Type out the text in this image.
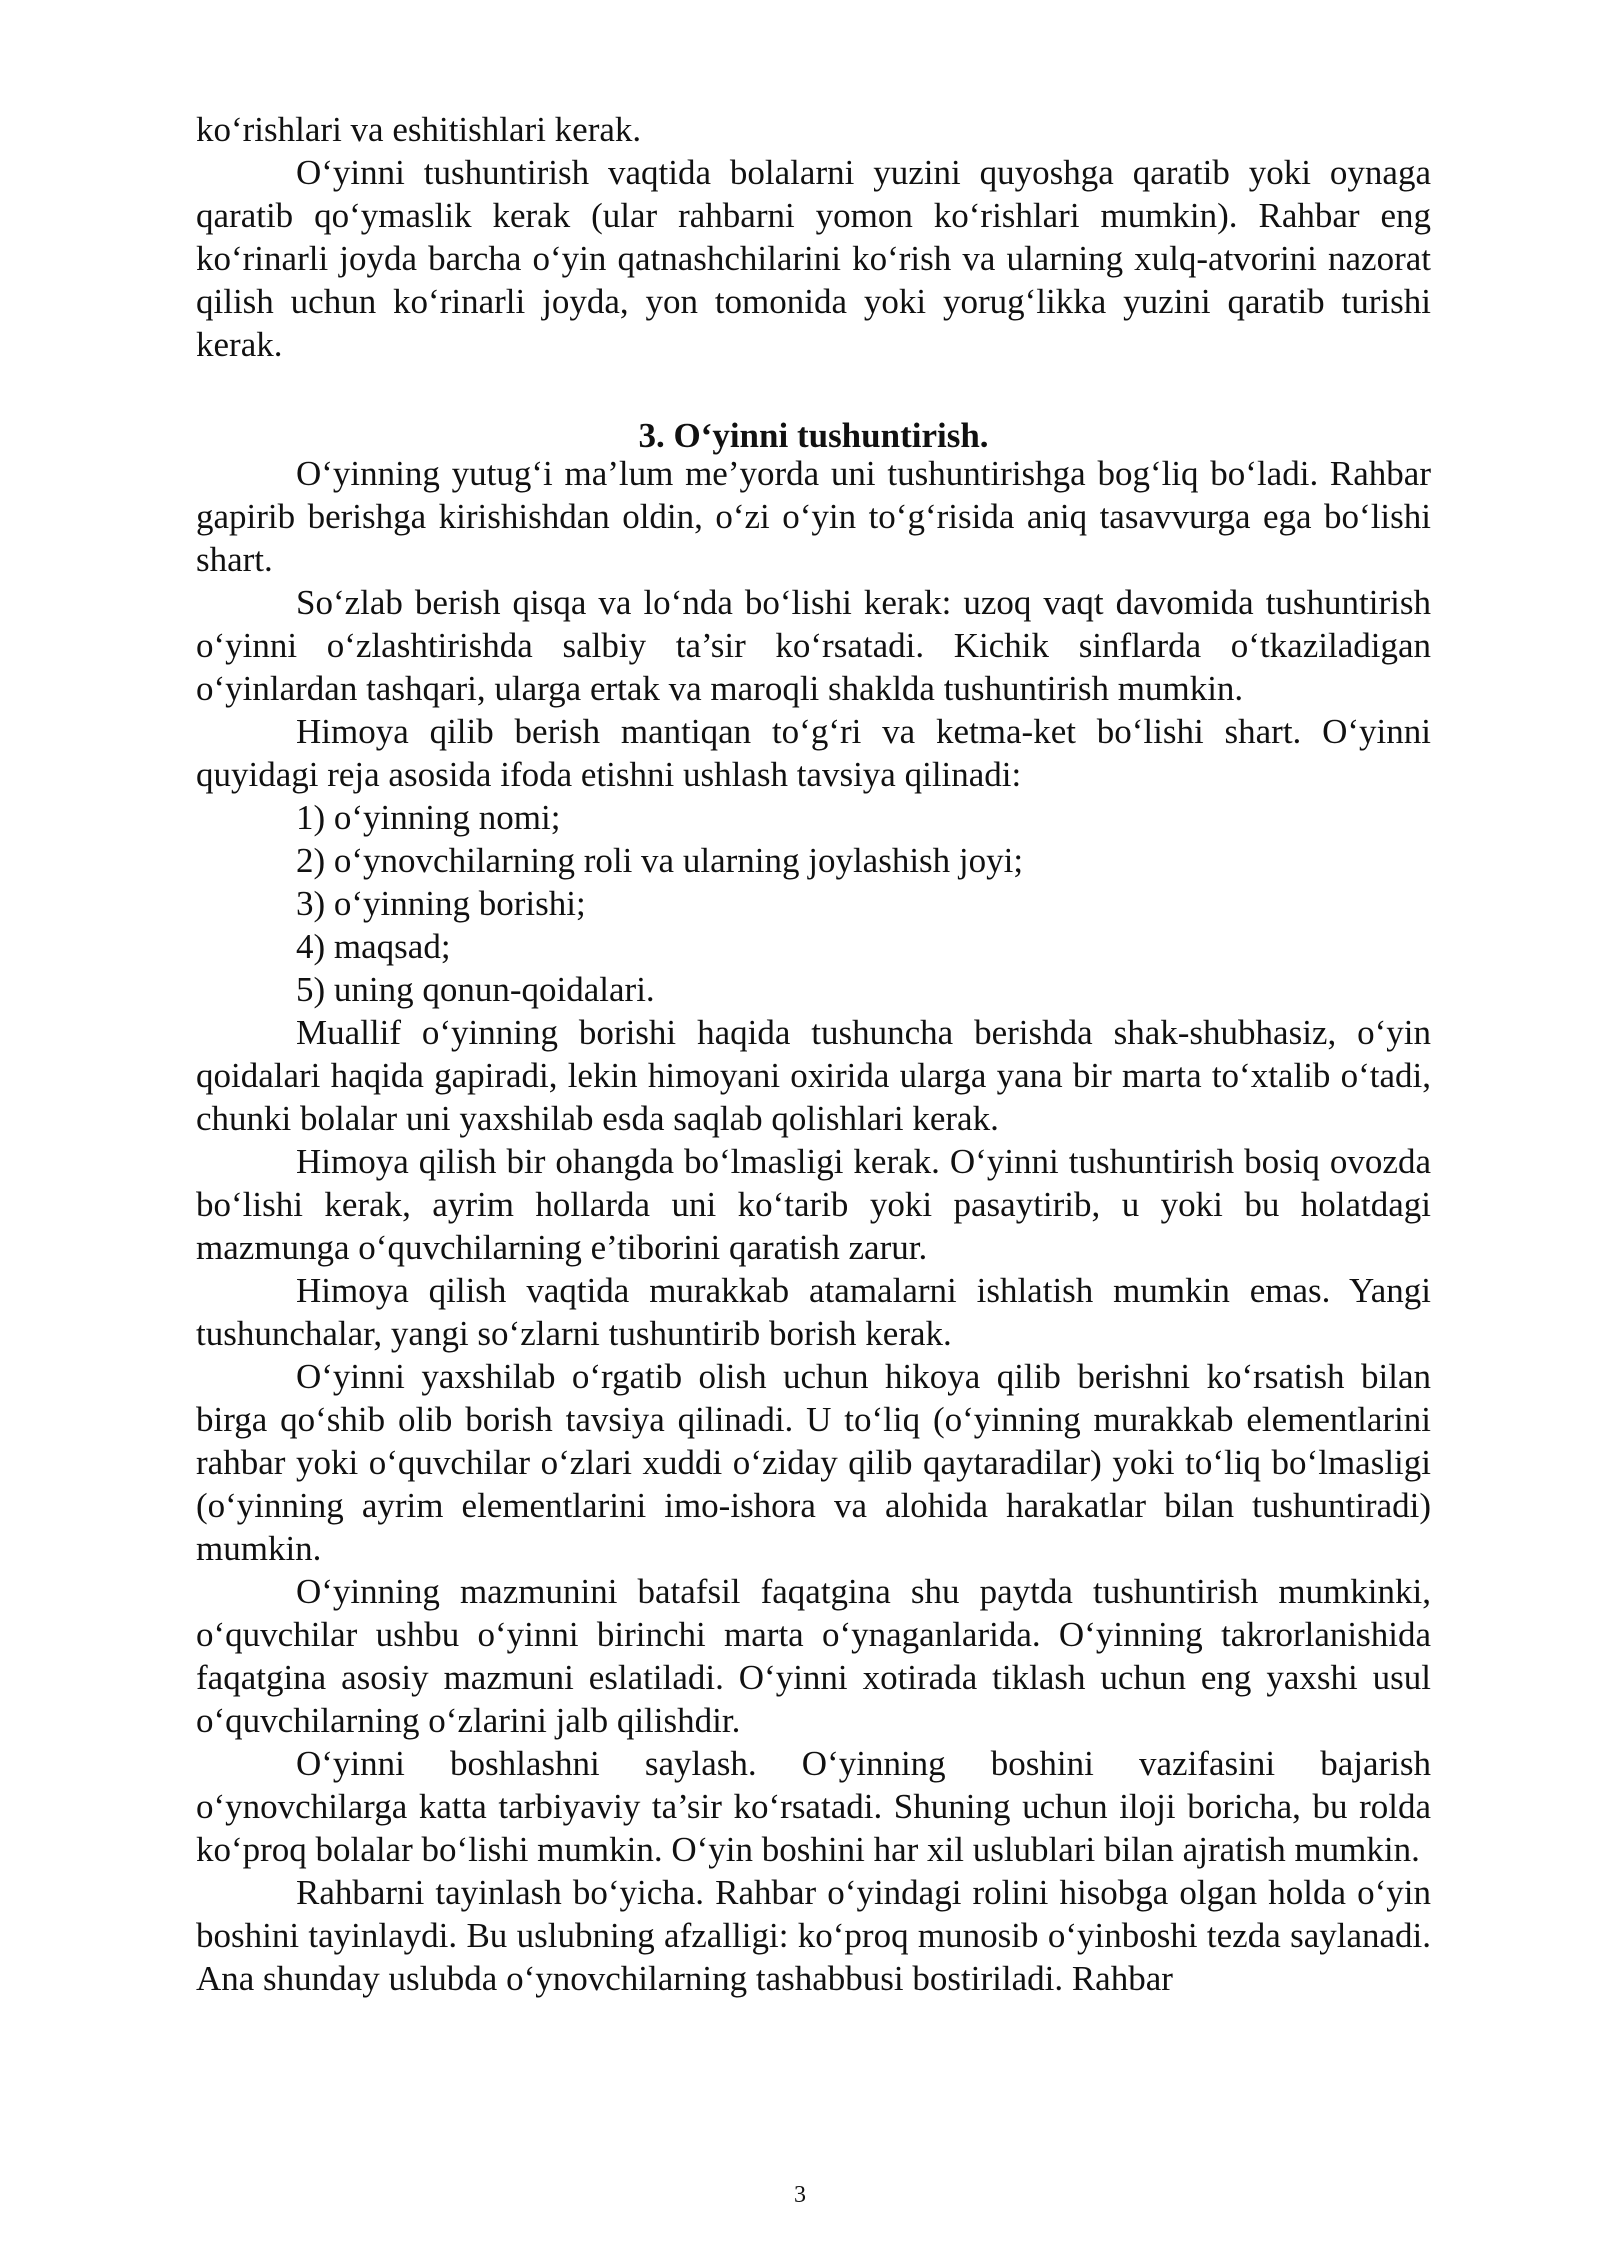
ko‘rishlari va eshitishlari kerak.

O‘yinni tushuntirish vaqtida bolalarni yuzini quyoshga qaratib yoki oynaga qaratib qo‘ymaslik kerak (ular rahbarni yomon ko‘rishlari mumkin). Rahbar eng ko‘rinarli joyda barcha o‘yin qatnashchilarini ko‘rish va ularning xulq-atvorini nazorat qilish uchun ko‘rinarli joyda, yon tomonida yoki yorug‘likka yuzini qaratib turishi kerak.

3. O‘yinni tushuntirish.

O‘yinning yutug‘i ma’lum me’yorda uni tushuntirishga bog‘liq bo‘ladi. Rahbar gapirib berishga kirishishdan oldin, o‘zi o‘yin to‘g‘risida aniq tasavvurga ega bo‘lishi shart.

So‘zlab berish qisqa va lo‘nda bo‘lishi kerak: uzoq vaqt davomida tushuntirish o‘yinni o‘zlashtirishda salbiy ta’sir ko‘rsatadi. Kichik sinflarda o‘tkaziladigan o‘yinlardan tashqari, ularga ertak va maroqli shaklda tushuntirish mumkin.

Himoya qilib berish mantiqan to‘g‘ri va ketma-ket bo‘lishi shart. O‘yinni quyidagi reja asosida ifoda etishni ushlash tavsiya qilinadi:

1) o‘yinning nomi;

2) o‘ynovchilarning roli va ularning joylashish joyi;

3) o‘yinning borishi;

4) maqsad;

5) uning qonun-qoidalari.

Muallif o‘yinning borishi haqida tushuncha berishda shak-shubhasiz, o‘yin qoidalari haqida gapiradi, lekin himoyani oxirida ularga yana bir marta to‘xtalib o‘tadi, chunki bolalar uni yaxshilab esda saqlab qolishlari kerak.

Himoya qilish bir ohangda bo‘lmasligi kerak. O‘yinni tushuntirish bosiq ovozda bo‘lishi kerak, ayrim hollarda uni ko‘tarib yoki pasaytirib, u yoki bu holatdagi mazmunga o‘quvchilarning e’tiborini qaratish zarur.

Himoya qilish vaqtida murakkab atamalarni ishlatish mumkin emas. Yangi tushunchalar, yangi so‘zlarni tushuntirib borish kerak.

O‘yinni yaxshilab o‘rgatib olish uchun hikoya qilib berishni ko‘rsatish bilan birga qo‘shib olib borish tavsiya qilinadi. U to‘liq (o‘yinning murakkab elementlarini rahbar yoki o‘quvchilar o‘zlari xuddi o‘ziday qilib qaytaradilar) yoki to‘liq bo‘lmasligi (o‘yinning ayrim elementlarini imo-ishora va alohida harakatlar bilan tushuntiradi) mumkin.

O‘yinning mazmunini batafsil faqatgina shu paytda tushuntirish mumkinki, o‘quvchilar ushbu o‘yinni birinchi marta o‘ynaganlarida. O‘yinning takrorlanishida faqatgina asosiy mazmuni eslatiladi. O‘yinni xotirada tiklash uchun eng yaxshi usul o‘quvchilarning o‘zlarini jalb qilishdir.

O‘yinni boshlashni saylash. O‘yinning boshini vazifasini bajarish o‘ynovchilarga katta tarbiyaviy ta’sir ko‘rsatadi. Shuning uchun iloji boricha, bu rolda ko‘proq bolalar bo‘lishi mumkin. O‘yin boshini har xil uslublari bilan ajratish mumkin.

Rahbarni tayinlash bo‘yicha. Rahbar o‘yindagi rolini hisobga olgan holda o‘yin boshini tayinlaydi. Bu uslubning afzalligi: ko‘proq munosib o‘yinboshi tezda saylanadi. Ana shunday uslubda o‘ynovchilarning tashabbusi bostiriladi. Rahbar

3
